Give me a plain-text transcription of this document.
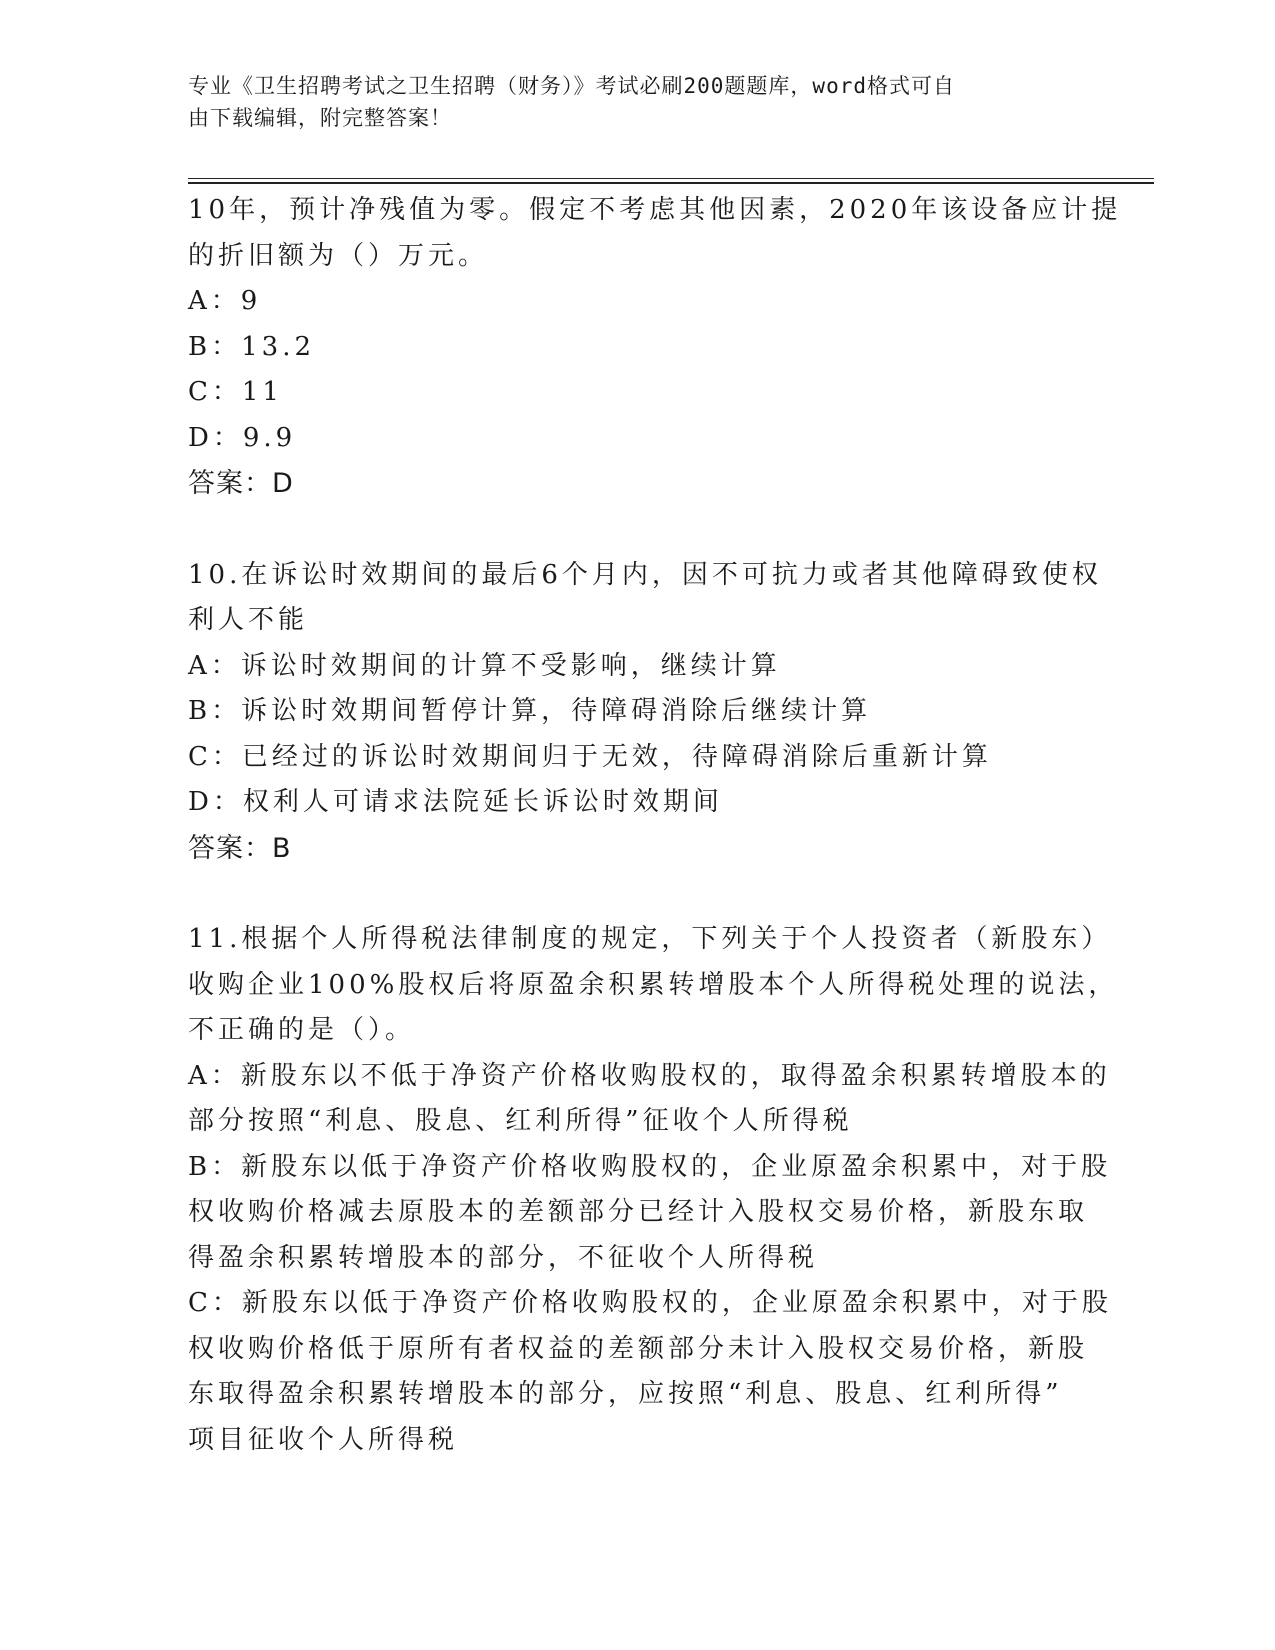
专业《卫生招聘考试之卫生招聘（财务）》考试必刷200题题库，word格式可自
由下载编辑，附完整答案！
10年，预计净残值为零。假定不考虑其他因素，2020年该设备应计提
的折旧额为（）万元。
A：9
B：13.2
C：11
D：9.9
答案：D
10.在诉讼时效期间的最后6个月内，因不可抗力或者其他障碍致使权
利人不能
A：诉讼时效期间的计算不受影响，继续计算
B：诉讼时效期间暂停计算，待障碍消除后继续计算
C：已经过的诉讼时效期间归于无效，待障碍消除后重新计算
D：权利人可请求法院延长诉讼时效期间
答案：B
11.根据个人所得税法律制度的规定，下列关于个人投资者（新股东）
收购企业100%股权后将原盈余积累转增股本个人所得税处理的说法，
不正确的是（）。
A：新股东以不低于净资产价格收购股权的，取得盈余积累转增股本的
部分按照“利息、股息、红利所得”征收个人所得税
B：新股东以低于净资产价格收购股权的，企业原盈余积累中，对于股
权收购价格减去原股本的差额部分已经计入股权交易价格，新股东取
得盈余积累转增股本的部分，不征收个人所得税
C：新股东以低于净资产价格收购股权的，企业原盈余积累中，对于股
权收购价格低于原所有者权益的差额部分未计入股权交易价格，新股
东取得盈余积累转增股本的部分，应按照“利息、股息、红利所得”
项目征收个人所得税
